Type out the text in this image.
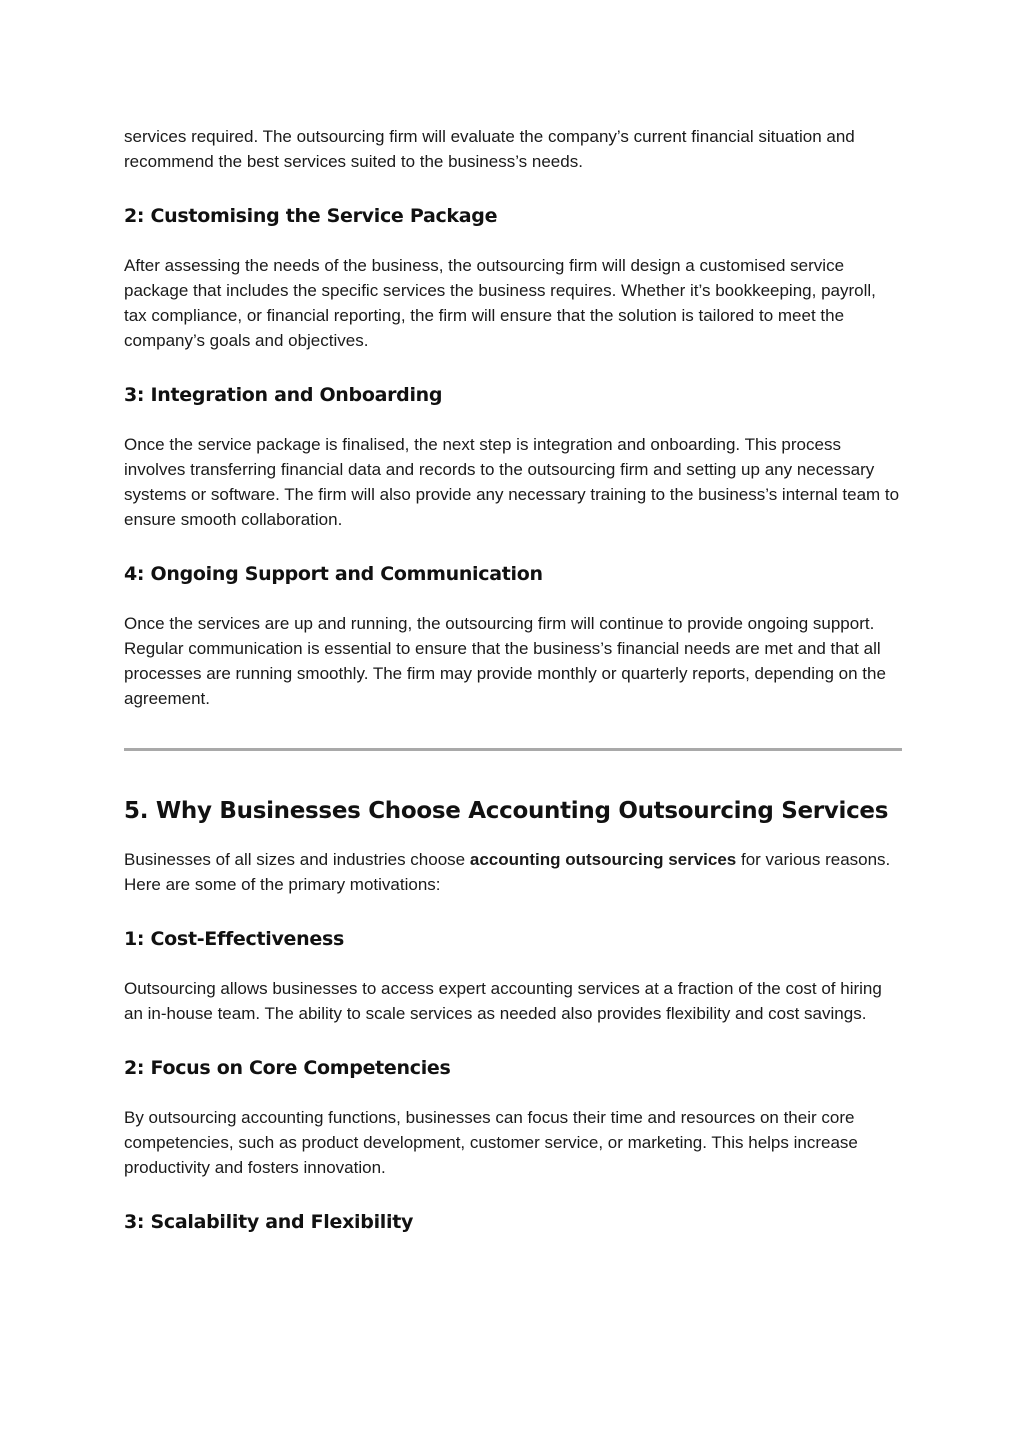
services required. The outsourcing firm will evaluate the company’s current financial situation and recommend the best services suited to the business’s needs.

2: Customising the Service Package

After assessing the needs of the business, the outsourcing firm will design a customised service package that includes the specific services the business requires. Whether it’s bookkeeping, payroll, tax compliance, or financial reporting, the firm will ensure that the solution is tailored to meet the company’s goals and objectives.

3: Integration and Onboarding

Once the service package is finalised, the next step is integration and onboarding. This process involves transferring financial data and records to the outsourcing firm and setting up any necessary systems or software. The firm will also provide any necessary training to the business’s internal team to ensure smooth collaboration.

4: Ongoing Support and Communication

Once the services are up and running, the outsourcing firm will continue to provide ongoing support. Regular communication is essential to ensure that the business’s financial needs are met and that all processes are running smoothly. The firm may provide monthly or quarterly reports, depending on the agreement.

5. Why Businesses Choose Accounting Outsourcing Services

Businesses of all sizes and industries choose accounting outsourcing services for various reasons. Here are some of the primary motivations:

1: Cost-Effectiveness

Outsourcing allows businesses to access expert accounting services at a fraction of the cost of hiring an in-house team. The ability to scale services as needed also provides flexibility and cost savings.

2: Focus on Core Competencies

By outsourcing accounting functions, businesses can focus their time and resources on their core competencies, such as product development, customer service, or marketing. This helps increase productivity and fosters innovation.

3: Scalability and Flexibility
